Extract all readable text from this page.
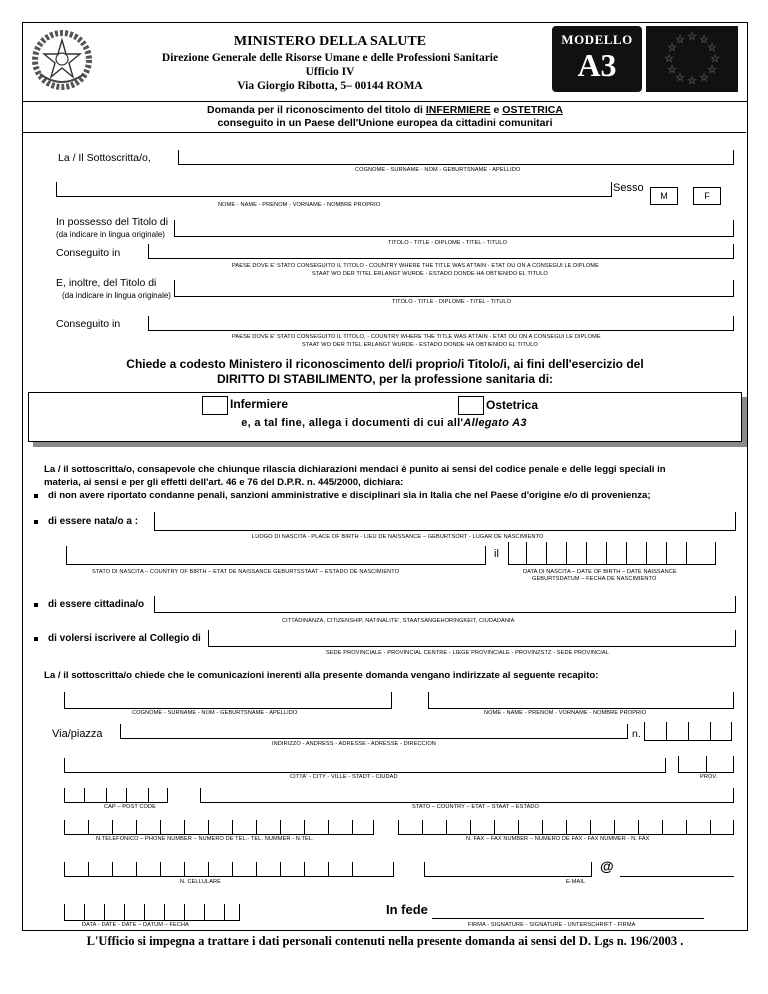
MINISTERO DELLA SALUTE
Direzione Generale delle Risorse Umane e delle Professioni Sanitarie
Ufficio IV
Via Giorgio Ribotta, 5– 00144 ROMA
MODELLO
A3
☆ ☆
☆
☆
☆
☆
☆
☆
☆
☆
☆
☆
Domanda per il riconoscimento del titolo di INFERMIERE e OSTETRICA
conseguito in un Paese dell'Unione europea da cittadini comunitari
La / Il Sottoscritta/o,
COGNOME - SURNAME - NOM - GEBURTSNAME - APELLIDO
Sesso
M	F
NOME - NAME - PRENOM - VORNAME - NOMBRE PROPRIO
In possesso del Titolo di
(da indicare in lingua originale)
TITOLO - TITLE - DIPLOME - TITEL - TITULO
Conseguito in
PAESE DOVE E' STATO CONSEGUITO IL TITOLO - COUNTRY WHERE THE TITLE WAS ATTAIN - ETAT OU ON A CONSEGUI LE DIPLOME
STAAT WO DER TITEL ERLANGT WURDE - ESTADO DONDE HA OBTIENIDO EL TITULO
E, inoltre, del Titolo di
(da indicare in lingua originale)
TITOLO - TITLE - DIPLOME - TITEL - TITULO
Conseguito in
PAESE DOVE E' STATO CONSEGUITO IL TITOLO, - COUNTRY WHERE THE TITLE WAS ATTAIN - ETAT OU ON A CONSEGUI LE DIPLOME
STAAT WO DER TITEL ERLANGT WURDE - ESTADO DONDE HA OBTIENIDO EL TITULO
Chiede a codesto Ministero il riconoscimento del/i proprio/i Titolo/i, ai fini dell'esercizio del
DIRITTO DI STABILIMENTO, per la professione sanitaria di:
Infermiere	Ostetrica
e, a tal fine, allega i documenti di cui all'Allegato A3
La / il sottoscritta/o, consapevole che chiunque rilascia dichiarazioni mendaci è punito ai sensi del codice penale e delle leggi speciali in
materia, ai sensi e per gli effetti dell'art. 46 e 76 del D.P.R. n. 445/2000, dichiara:
di non avere riportato condanne penali, sanzioni amministrative e disciplinari sia in Italia che nel Paese d'origine e/o di provenienza;
di essere nata/o a :
LUOGO DI NASCITA - PLACE OF BIRTH - LIEU DE NAISSANCE – GEBURTSORT - LUGAR DE NASCIMIENTO
il
STATO DI NASCITA – COUNTRY OF BIRTH – ETAT DE NAISSANCE GEBURTSSTAAT – ESTADO DE NASCIMIENTO	DATA DI NASCITA – DATE OF BIRTH – DATE NAISSANCE
GEBURTSDATUM – FECHA DE NASCIMIENTO
di essere cittadina/o
CITTADINANZA, CITIZENSHIP, NATINALITE', STAATSANGEHORINGKEIT, CIUDADANIA
di volersi iscrivere al Collegio di
SEDE PROVINCIALE - PROVINCIAL CENTRE - LIEGE PROVINCIALE - PROVINZSTZ - SEDE PROVINCIAL
La / il sottoscritta/o chiede che le comunicazioni inerenti alla presente domanda vengano indirizzate al seguente recapito:
COGNOME - SURNAME - NOM - GEBURTSNAME - APELLIDO	NOME - NAME - PRENOM - VORNAME - NOMBRE PROPRIO
Via/piazza	n.
INDIRIZZO - ANDRESS - ADRESSE - ADRESSE - DIRECCION
CITTA' - CITY - VILLE - STADT - CIUDAD	PROV.
CAP – POST CODE	STATO – COUNTRY – ETAT – STAAT – ESTADO
N.TELEFONICO – PHONE NUMBER – NUMERO DE TEL.- TEL. NUMMER - N.TEL.	N. FAX – FAX NUMBER – NUMERO DE FAX - FAX NUMMER - N. FAX
@
N. CELLULARE	E-MAIL
In fede
DATA - DATE - DATE – DATUM – FECHA	FIRMA - SIGNATURE - SIGNATURE - UNTERSCHRIFT - FIRMA
L'Ufficio si impegna a trattare i dati personali contenuti nella presente domanda ai sensi del D. Lgs n. 196/2003 .
